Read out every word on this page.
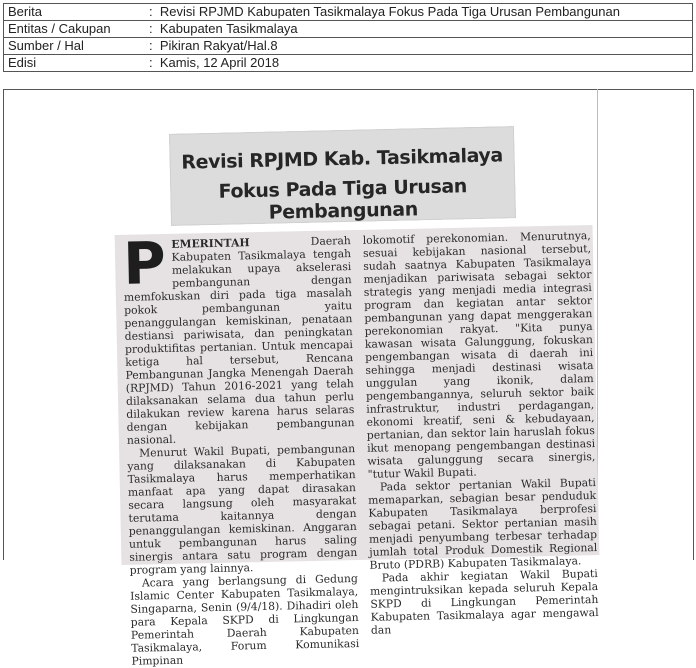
Berita	: Revisi RPJMD Kabupaten Tasikmalaya Fokus Pada Tiga Urusan Pembangunan
Entitas / Cakupan	: Kabupaten Tasikmalaya
Sumber / Hal	: Pikiran Rakyat/Hal.8
Edisi	: Kamis, 12 April 2018
Revisi RPJMD Kab. Tasikmalaya
Fokus Pada Tiga Urusan Pembangunan

PEMERINTAH Daerah Kabupaten Tasikmalaya tengah melakukan upaya akselerasi pembangunan dengan memfokuskan diri pada tiga masalah pokok pembangunan yaitu penanggulangan kemiskinan, penataan destiansi pariwisata, dan peningkatan produktifitas pertanian. Untuk mencapai ketiga hal tersebut, Rencana Pembangunan Jangka Menengah Daerah (RPJMD) Tahun 2016-2021 yang telah dilaksanakan selama dua tahun perlu dilakukan review karena harus selaras dengan kebijakan pembangunan nasional.

Menurut Wakil Bupati, pembangunan yang dilaksanakan di Kabupaten Tasikmalaya harus memperhatikan manfaat apa yang dapat dirasakan secara langsung oleh masyarakat terutama kaitannya dengan penanggulangan kemiskinan. Anggaran untuk pembangunan harus saling sinergis antara satu program dengan program yang lainnya.

Acara yang berlangsung di Gedung Islamic Center Kabupaten Tasikmalaya, Singaparna, Senin (9/4/18). Dihadiri oleh para Kepala SKPD di Lingkungan Pemerintah Daerah Kabupaten Tasikmalaya, Forum Komunikasi Pimpinan

lokomotif perekonomian. Menurutnya, sesuai kebijakan nasional tersebut, sudah saatnya Kabupaten Tasikmalaya menjadikan pariwisata sebagai sektor strategis yang menjadi media integrasi program dan kegiatan antar sektor pembangunan yang dapat menggerakan perekonomian rakyat. "Kita punya kawasan wisata Galunggung, fokuskan pengembangan wisata di daerah ini sehingga menjadi destinasi wisata unggulan yang ikonik, dalam pengembangannya, seluruh sektor baik infrastruktur, industri perdagangan, ekonomi kreatif, seni & kebudayaan, pertanian, dan sektor lain haruslah fokus ikut menopang pengembangan destinasi wisata galunggung secara sinergis, "tutur Wakil Bupati.

Pada sektor pertanian Wakil Bupati memaparkan, sebagian besar penduduk Kabupaten Tasikmalaya berprofesi sebagai petani. Sektor pertanian masih menjadi penyumbang terbesar terhadap jumlah total Produk Domestik Regional Bruto (PDRB) Kabupaten Tasikmalaya.

Pada akhir kegiatan Wakil Bupati mengintruksikan kepada seluruh Kepala SKPD di Lingkungan Pemerintah Kabupaten Tasikmalaya agar mengawal dan
